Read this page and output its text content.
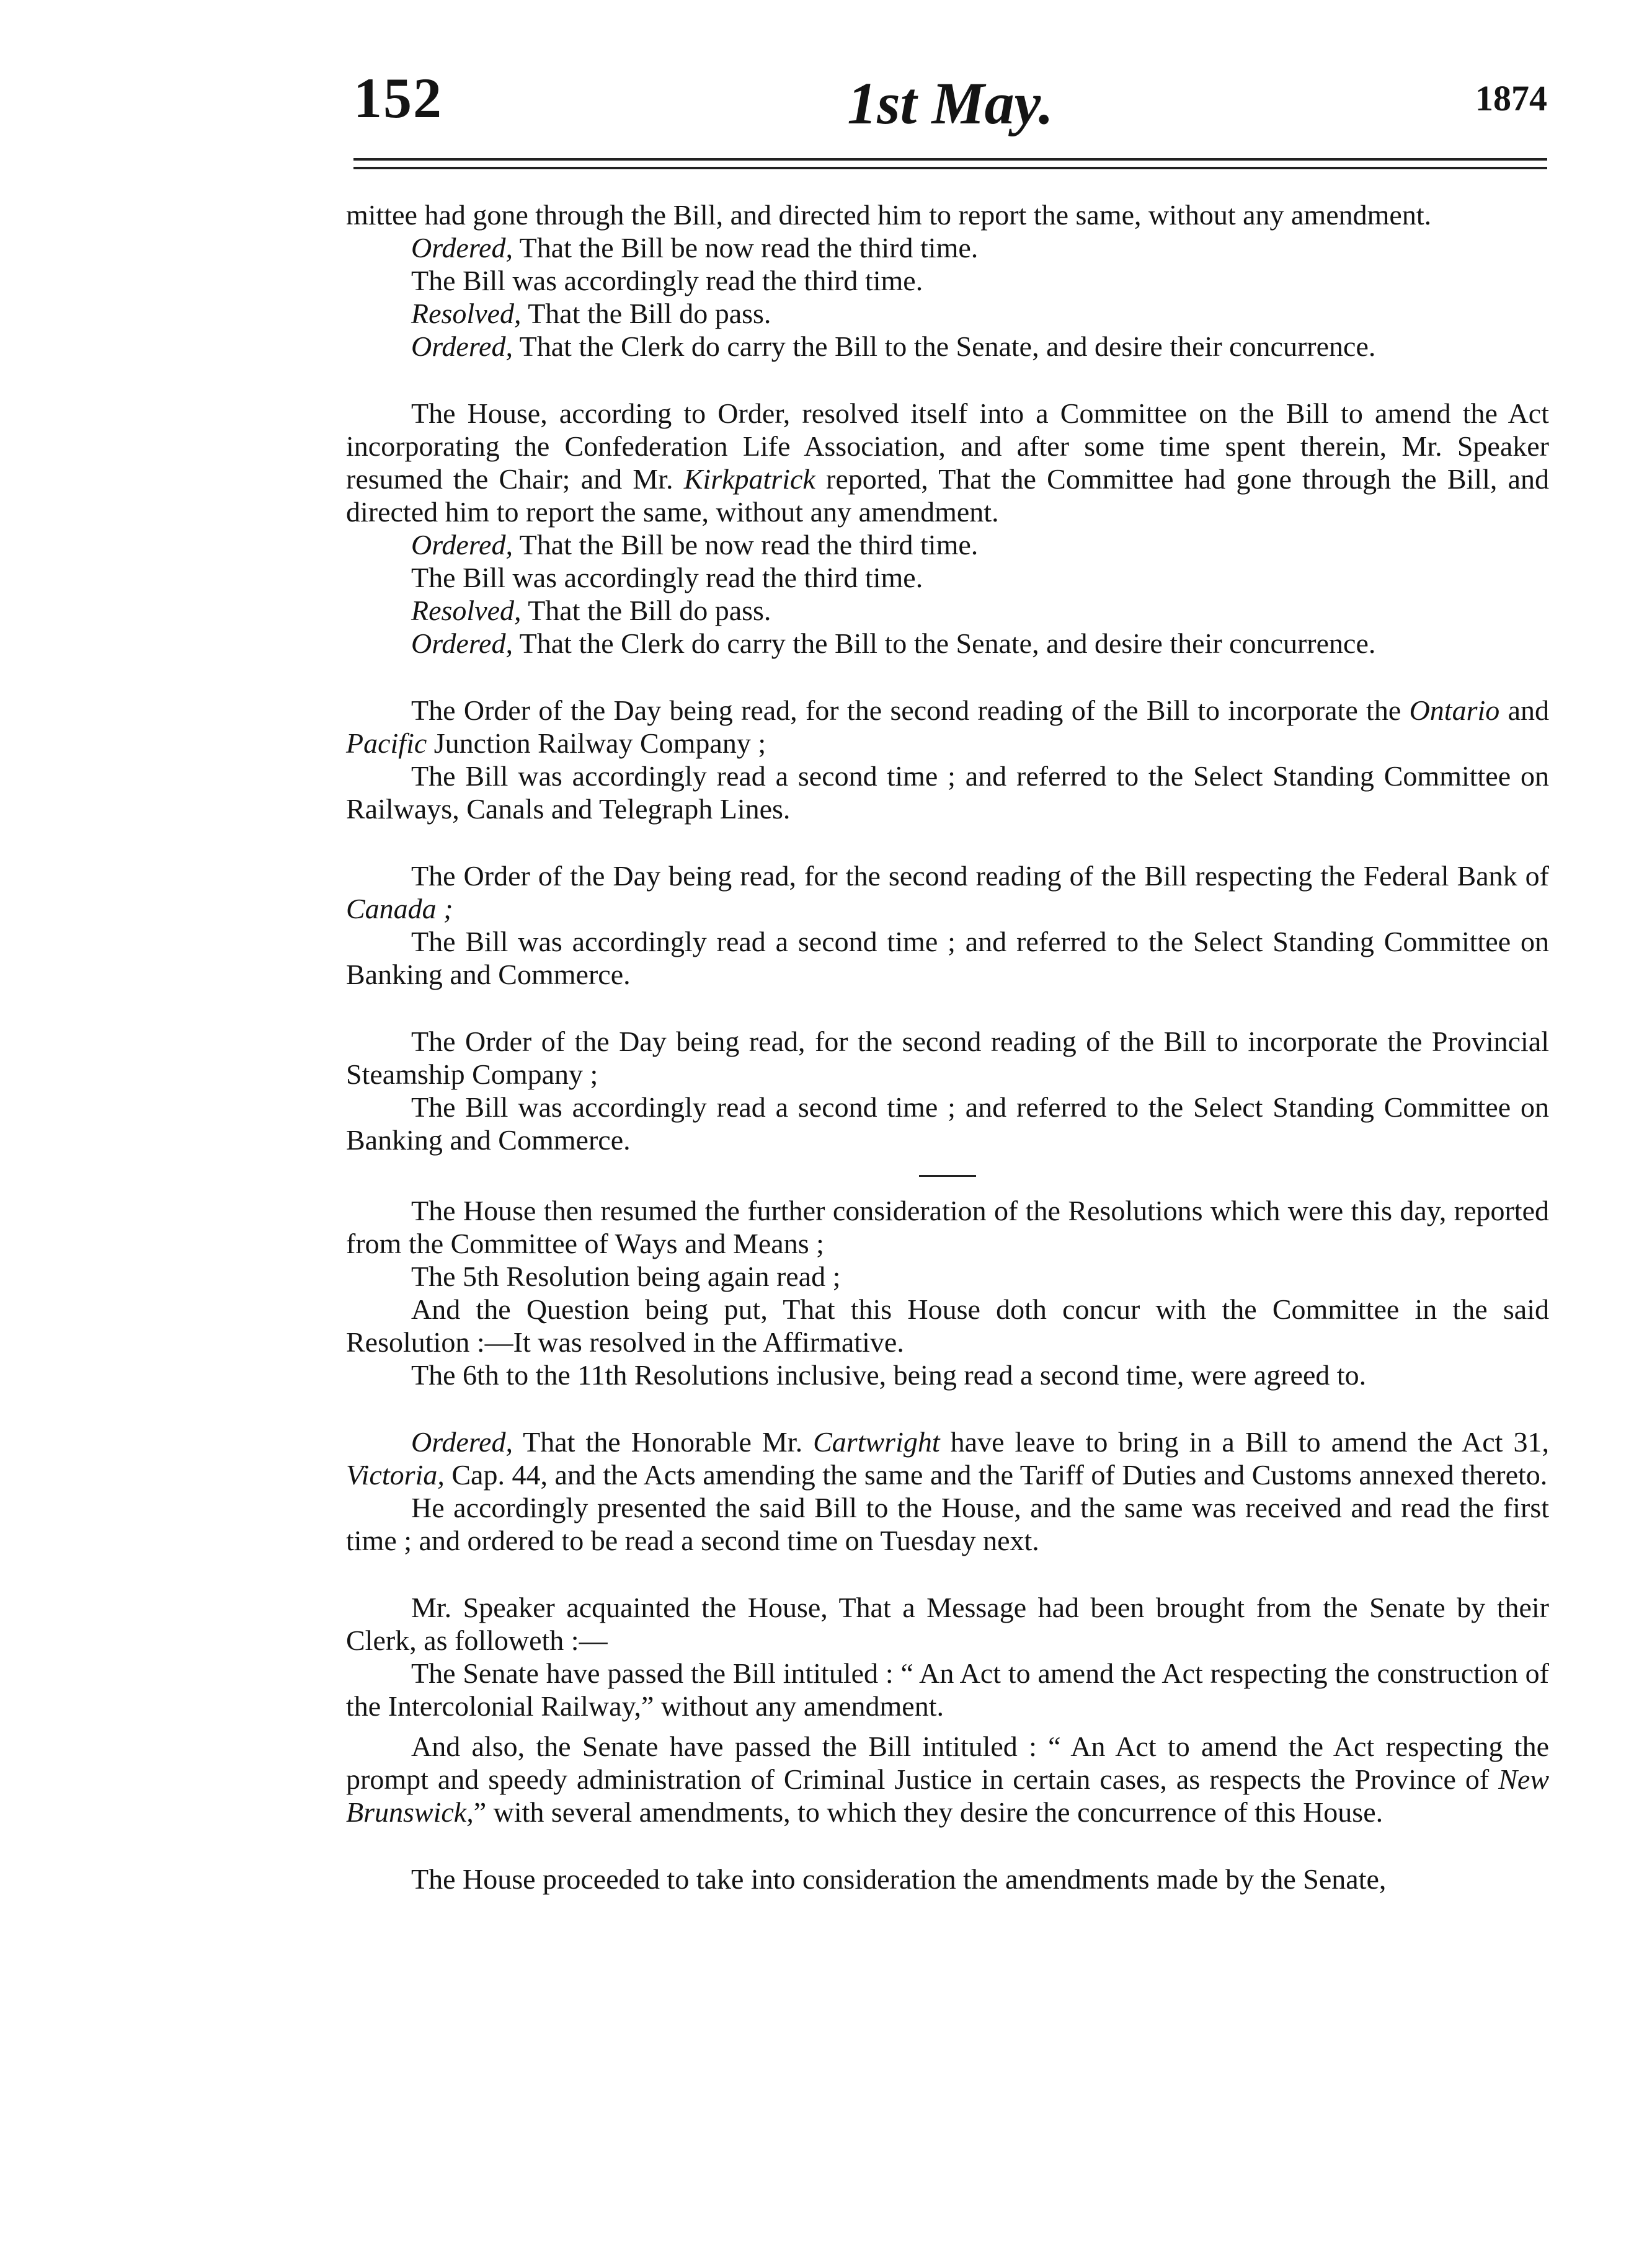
152	1st May.	1874

mittee had gone through the Bill, and directed him to report the same, without any amendment.

Ordered, That the Bill be now read the third time.

The Bill was accordingly read the third time.

Resolved, That the Bill do pass.

Ordered, That the Clerk do carry the Bill to the Senate, and desire their concurrence.

The House, according to Order, resolved itself into a Committee on the Bill to amend the Act incorporating the Confederation Life Association, and after some time spent therein, Mr. Speaker resumed the Chair; and Mr. Kirkpatrick reported, That the Committee had gone through the Bill, and directed him to report the same, without any amendment.

Ordered, That the Bill be now read the third time.

The Bill was accordingly read the third time.

Resolved, That the Bill do pass.

Ordered, That the Clerk do carry the Bill to the Senate, and desire their concurrence.

The Order of the Day being read, for the second reading of the Bill to incorporate the Ontario and Pacific Junction Railway Company ;

The Bill was accordingly read a second time ; and referred to the Select Standing Committee on Railways, Canals and Telegraph Lines.

The Order of the Day being read, for the second reading of the Bill respecting the Federal Bank of Canada ;

The Bill was accordingly read a second time ; and referred to the Select Standing Committee on Banking and Commerce.

The Order of the Day being read, for the second reading of the Bill to incorporate the Provincial Steamship Company ;

The Bill was accordingly read a second time ; and referred to the Select Standing Committee on Banking and Commerce.

The House then resumed the further consideration of the Resolutions which were this day, reported from the Committee of Ways and Means ;

The 5th Resolution being again read ;

And the Question being put, That this House doth concur with the Committee in the said Resolution :—It was resolved in the Affirmative.

The 6th to the 11th Resolutions inclusive, being read a second time, were agreed to.

Ordered, That the Honorable Mr. Cartwright have leave to bring in a Bill to amend the Act 31, Victoria, Cap. 44, and the Acts amending the same and the Tariff of Duties and Customs annexed thereto.

He accordingly presented the said Bill to the House, and the same was received and read the first time ; and ordered to be read a second time on Tuesday next.

Mr. Speaker acquainted the House, That a Message had been brought from the Senate by their Clerk, as followeth :—

The Senate have passed the Bill intituled : “ An Act to amend the Act respecting the construction of the Intercolonial Railway,” without any amendment.

And also, the Senate have passed the Bill intituled : “ An Act to amend the Act respecting the prompt and speedy administration of Criminal Justice in certain cases, as respects the Province of New Brunswick,” with several amendments, to which they desire the concurrence of this House.

The House proceeded to take into consideration the amendments made by the Senate,
